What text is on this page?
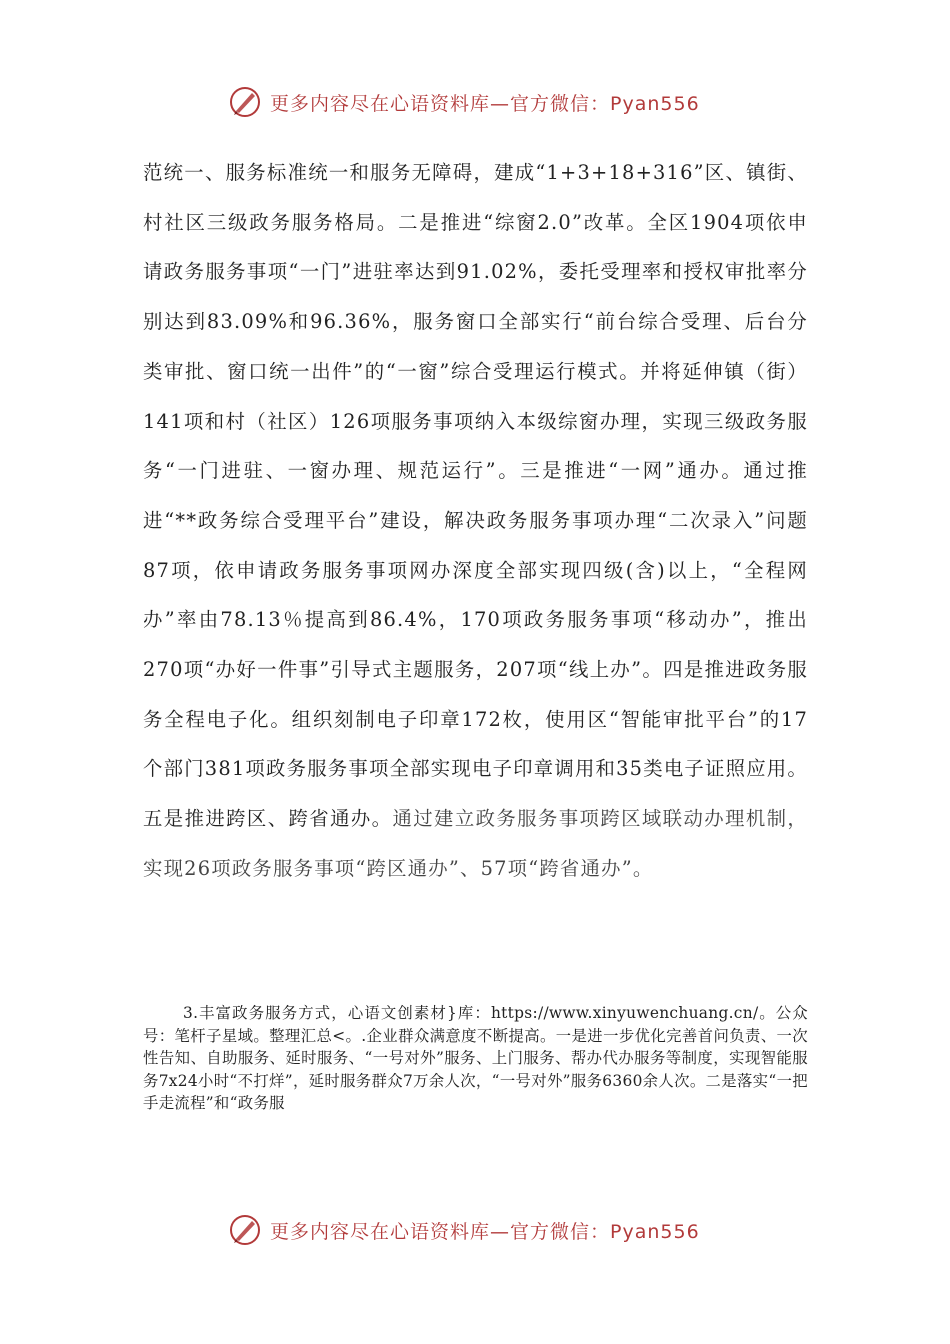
更多内容尽在心语资料库—官方微信：Pyan556

范统一、服务标准统一和服务无障碍，建成“1+3+18+316”区、镇街、村社区三级政务服务格局。二是推进“综窗2.0”改革。全区1904项依申请政务服务事项“一门”进驻率达到91.02%，委托受理率和授权审批率分别达到83.09%和96.36%，服务窗口全部实行“前台综合受理、后台分类审批、窗口统一出件”的“一窗”综合受理运行模式。并将延伸镇（街）141项和村（社区）126项服务事项纳入本级综窗办理，实现三级政务服务“一门进驻、一窗办理、规范运行”。三是推进“一网”通办。通过推进“**政务综合受理平台”建设，解决政务服务事项办理“二次录入”问题87项，依申请政务服务事项网办深度全部实现四级(含)以上，“全程网办”率由78.13％提高到86.4%，170项政务服务事项“移动办”，推出270项“办好一件事”引导式主题服务，207项“线上办”。四是推进政务服务全程电子化。组织刻制电子印章172枚，使用区“智能审批平台”的17个部门381项政务服务事项全部实现电子印章调用和35类电子证照应用。五是推进跨区、跨省通办。通过建立政务服务事项跨区域联动办理机制，实现26项政务服务事项“跨区通办”、57项“跨省通办”。

3.丰富政务服务方式，心语文创素材}库：https://www.xinyuwenchuang.cn/。公众号：笔杆子星域。整理汇总<。.企业群众满意度不断提高。一是进一步优化完善首问负责、一次性告知、自助服务、延时服务、“一号对外”服务、上门服务、帮办代办服务等制度，实现智能服务7x24小时“不打烊”，延时服务群众7万余人次，“一号对外”服务6360余人次。二是落实“一把手走流程”和“政务服

更多内容尽在心语资料库—官方微信：Pyan556
